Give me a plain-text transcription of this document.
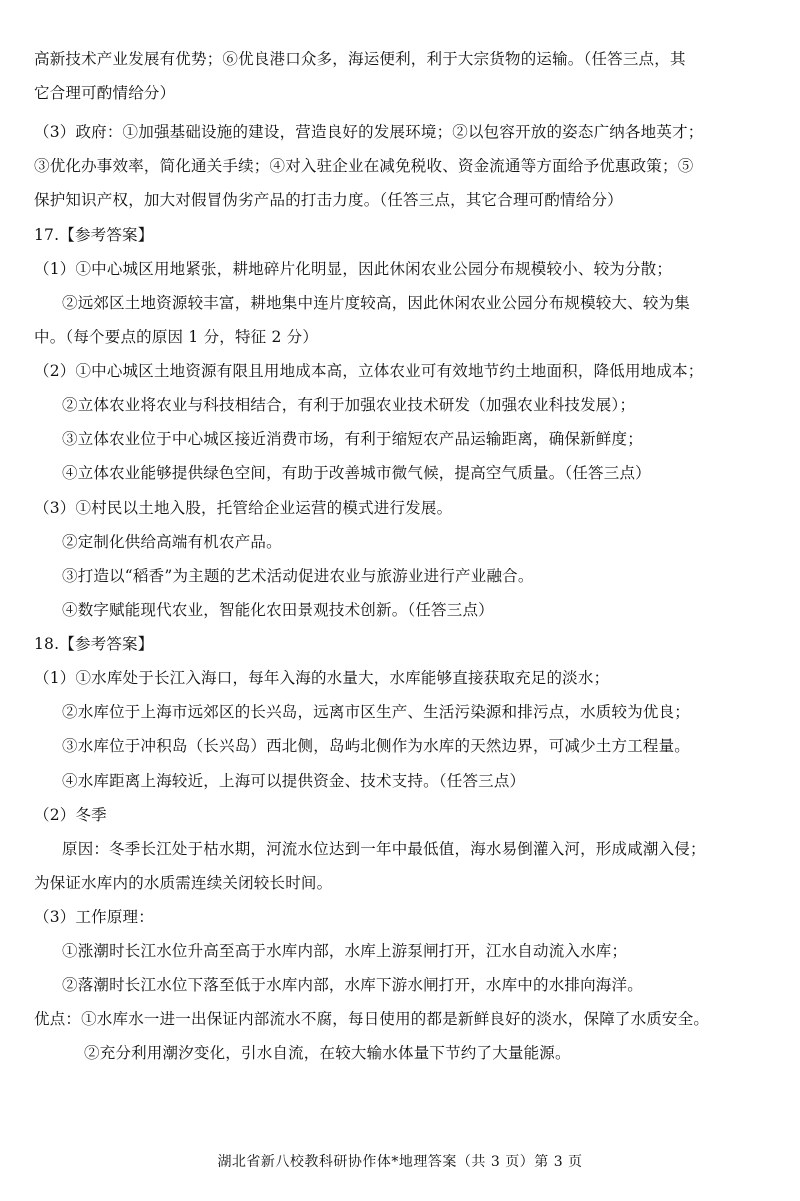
高新技术产业发展有优势；⑥优良港口众多，海运便利，利于大宗货物的运输。（任答三点，其
它合理可酌情给分）
（3）政府：①加强基础设施的建设，营造良好的发展环境；②以包容开放的姿态广纳各地英才；
③优化办事效率，简化通关手续；④对入驻企业在减免税收、资金流通等方面给予优惠政策；⑤
保护知识产权，加大对假冒伪劣产品的打击力度。（任答三点，其它合理可酌情给分）
17.【参考答案】
（1）①中心城区用地紧张，耕地碎片化明显，因此休闲农业公园分布规模较小、较为分散；
②远郊区土地资源较丰富，耕地集中连片度较高，因此休闲农业公园分布规模较大、较为集
中。（每个要点的原因 1 分，特征 2 分）
（2）①中心城区土地资源有限且用地成本高，立体农业可有效地节约土地面积，降低用地成本；
②立体农业将农业与科技相结合，有利于加强农业技术研发（加强农业科技发展）；
③立体农业位于中心城区接近消费市场，有利于缩短农产品运输距离，确保新鲜度；
④立体农业能够提供绿色空间，有助于改善城市微气候，提高空气质量。（任答三点）
（3）①村民以土地入股，托管给企业运营的模式进行发展。
②定制化供给高端有机农产品。
③打造以“稻香”为主题的艺术活动促进农业与旅游业进行产业融合。
④数字赋能现代农业，智能化农田景观技术创新。（任答三点）
18.【参考答案】
（1）①水库处于长江入海口，每年入海的水量大，水库能够直接获取充足的淡水；
②水库位于上海市远郊区的长兴岛，远离市区生产、生活污染源和排污点，水质较为优良；
③水库位于冲积岛（长兴岛）西北侧，岛屿北侧作为水库的天然边界，可减少土方工程量。
④水库距离上海较近，上海可以提供资金、技术支持。（任答三点）
（2）冬季
原因：冬季长江处于枯水期，河流水位达到一年中最低值，海水易倒灌入河，形成咸潮入侵；
为保证水库内的水质需连续关闭较长时间。
（3）工作原理：
①涨潮时长江水位升高至高于水库内部，水库上游泵闸打开，江水自动流入水库；
②落潮时长江水位下落至低于水库内部，水库下游水闸打开，水库中的水排向海洋。
优点：①水库水一进一出保证内部流水不腐，每日使用的都是新鲜良好的淡水，保障了水质安全。
②充分利用潮汐变化，引水自流，在较大输水体量下节约了大量能源。
湖北省新八校教科研协作体*地理答案（共 3 页）第 3 页
